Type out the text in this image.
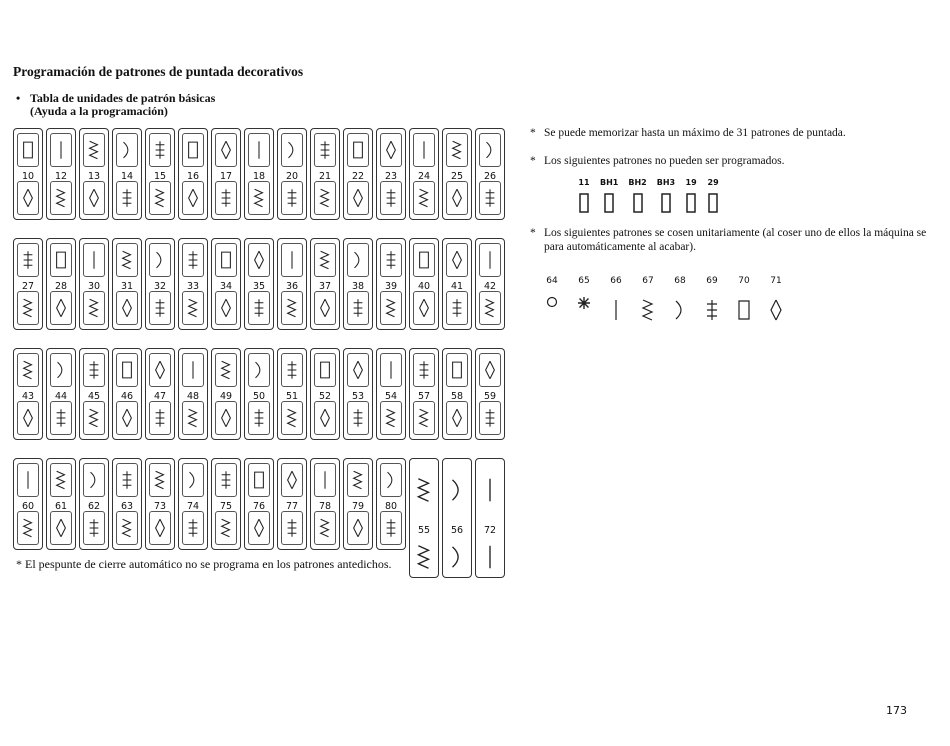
Programación de patrones de puntada decorativos
• Tabla de unidades de patrón básicas
(Ayuda a la programación)
10	12	13	14	15	16	17	18	20	21	22	23	24	25	26
27	28	30	31	32	33	34	35	36	37	38	39	40	41	42
43	44	45	46	47	48	49	50	51	52	53	54	57	58	59
60	61	62	63	73	74	75	76	77	78	79	80
55	56	72
* El pespunte de cierre automático no se programa en los patrones antedichos.
* Se puede memorizar hasta un máximo de 31 patrones de puntada.
* Los siguientes patrones no pueden ser programados.
11 BH1 BH2 BH3 19 29
* Los siguientes patrones se cosen unitariamente (al coser uno de ellos la máquina se para automáticamente al acabar).
64 65 66 67 68 69 70 71
173
